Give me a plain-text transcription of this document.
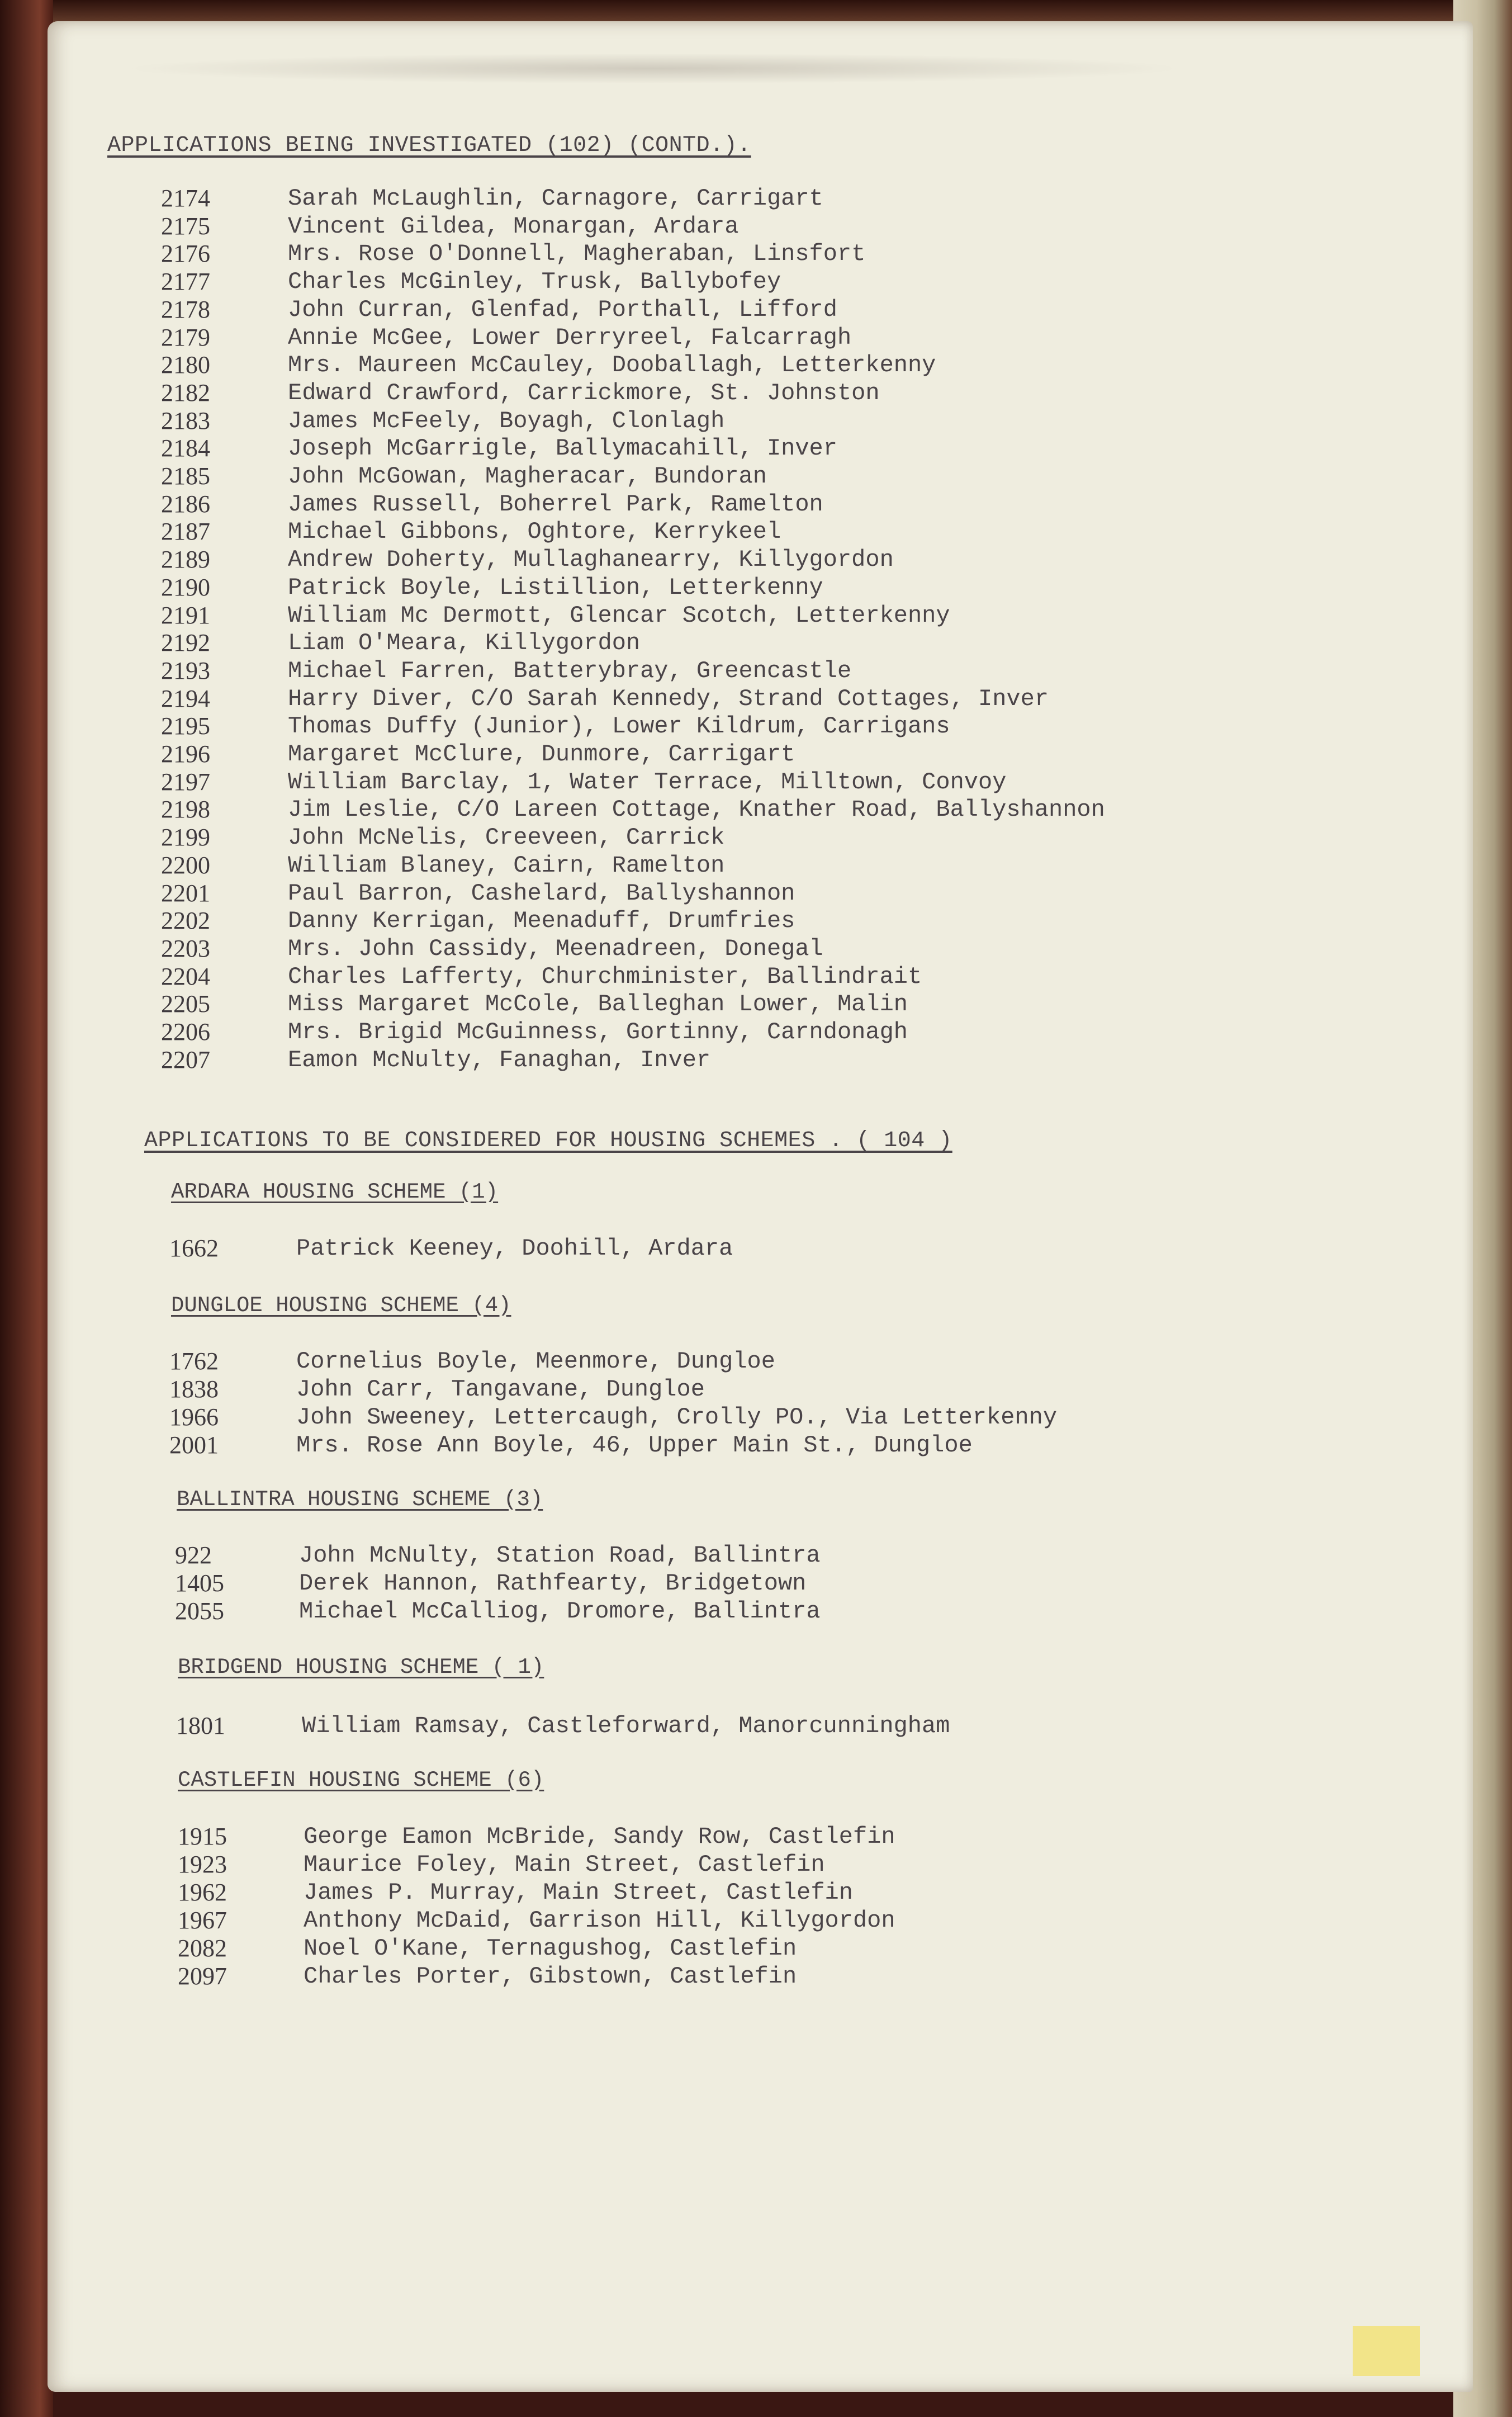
APPLICATIONS BEING INVESTIGATED (102) (CONTD.).
2174	Sarah McLaughlin, Carnagore, Carrigart
2175	Vincent Gildea, Monargan, Ardara
2176	Mrs. Rose O'Donnell, Magheraban, Linsfort
2177	Charles McGinley, Trusk, Ballybofey
2178	John Curran, Glenfad, Porthall, Lifford
2179	Annie McGee, Lower Derryreel, Falcarragh
2180	Mrs. Maureen McCauley, Dooballagh, Letterkenny
2182	Edward Crawford, Carrickmore, St. Johnston
2183	James McFeely, Boyagh, Clonlagh
2184	Joseph McGarrigle, Ballymacahill, Inver
2185	John McGowan, Magheracar, Bundoran
2186	James Russell, Boherrel Park, Ramelton
2187	Michael Gibbons, Oghtore, Kerrykeel
2189	Andrew Doherty, Mullaghanearry, Killygordon
2190	Patrick Boyle, Listillion, Letterkenny
2191	William Mc Dermott, Glencar Scotch, Letterkenny
2192	Liam O'Meara, Killygordon
2193	Michael Farren, Batterybray, Greencastle
2194	Harry Diver, C/O Sarah Kennedy, Strand Cottages, Inver
2195	Thomas Duffy (Junior), Lower Kildrum, Carrigans
2196	Margaret McClure, Dunmore, Carrigart
2197	William Barclay, 1, Water Terrace, Milltown, Convoy
2198	Jim Leslie, C/O Lareen Cottage, Knather Road, Ballyshannon
2199	John McNelis, Creeveen, Carrick
2200	William Blaney, Cairn, Ramelton
2201	Paul Barron, Cashelard, Ballyshannon
2202	Danny Kerrigan, Meenaduff, Drumfries
2203	Mrs. John Cassidy, Meenadreen, Donegal
2204	Charles Lafferty, Churchminister, Ballindrait
2205	Miss Margaret McCole, Balleghan Lower, Malin
2206	Mrs. Brigid McGuinness, Gortinny, Carndonagh
2207	Eamon McNulty, Fanaghan, Inver
APPLICATIONS TO BE CONSIDERED FOR HOUSING SCHEMES . ( 104 )
ARDARA HOUSING SCHEME (1)
1662	Patrick Keeney, Doohill, Ardara
DUNGLOE HOUSING SCHEME (4)
1762	Cornelius Boyle, Meenmore, Dungloe
1838	John Carr, Tangavane, Dungloe
1966	John Sweeney, Lettercaugh, Crolly PO., Via Letterkenny
2001	Mrs. Rose Ann Boyle, 46, Upper Main St., Dungloe
BALLINTRA HOUSING SCHEME (3)
922	John McNulty, Station Road, Ballintra
1405	Derek Hannon, Rathfearty, Bridgetown
2055	Michael McCalliog, Dromore, Ballintra
BRIDGEND HOUSING SCHEME ( 1)
1801	William Ramsay, Castleforward, Manorcunningham
CASTLEFIN HOUSING SCHEME (6)
1915	George Eamon McBride, Sandy Row, Castlefin
1923	Maurice Foley, Main Street, Castlefin
1962	James P. Murray, Main Street, Castlefin
1967	Anthony McDaid, Garrison Hill, Killygordon
2082	Noel O'Kane, Ternagushog, Castlefin
2097	Charles Porter, Gibstown, Castlefin
